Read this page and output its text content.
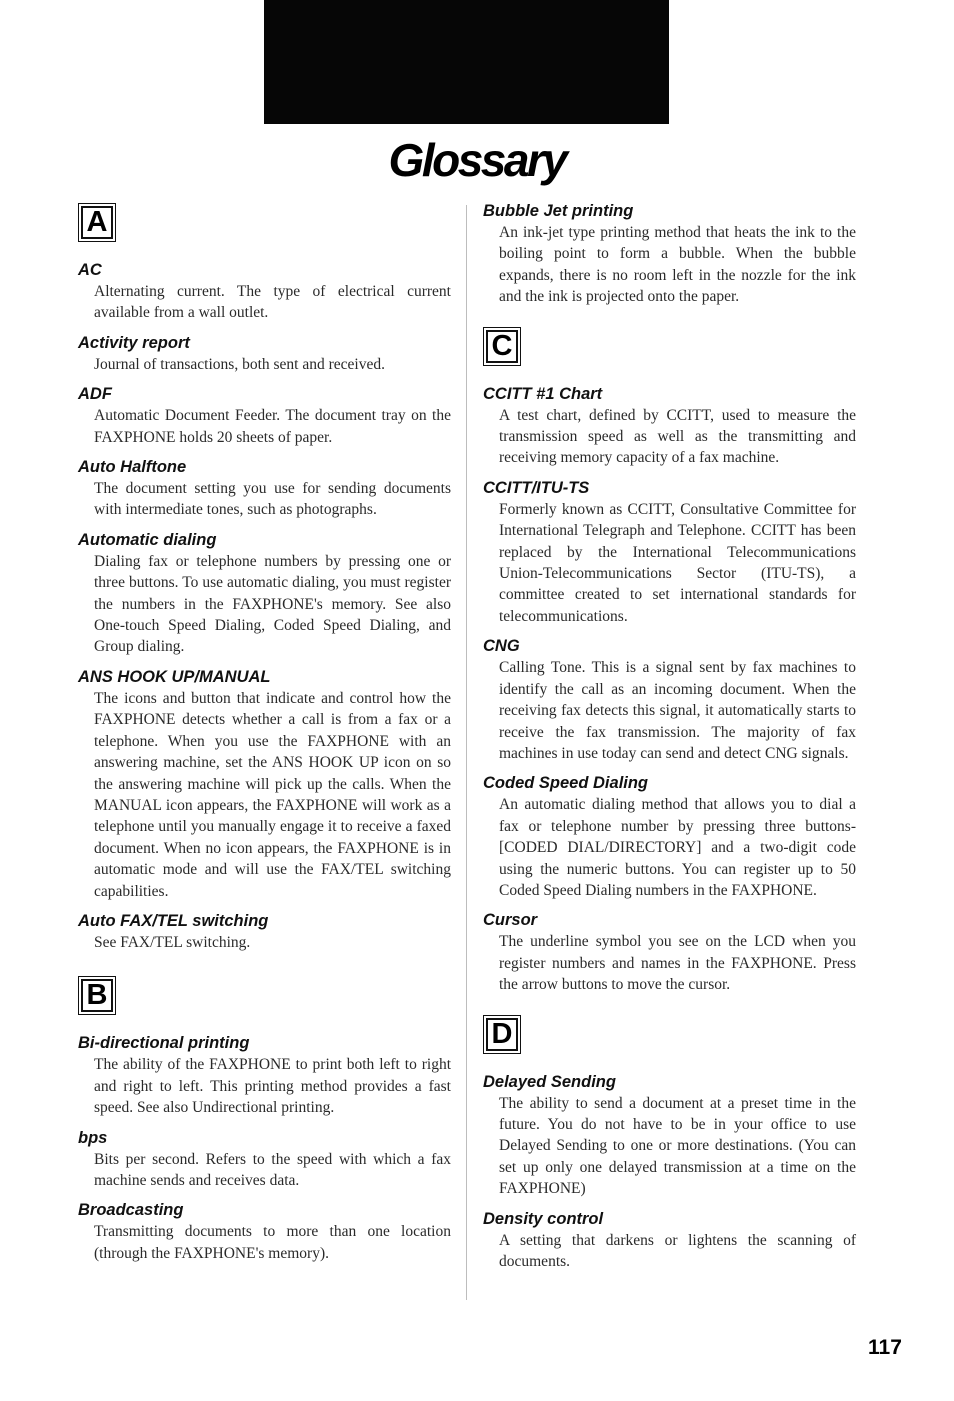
Glossary
A

AC

Alternating current. The type of electrical current available from a wall outlet.

Activity report

Journal of transactions, both sent and received.

ADF

Automatic Document Feeder. The document tray on the FAXPHONE holds 20 sheets of paper.

Auto Halftone

The document setting you use for sending documents with intermediate tones, such as photographs.

Automatic dialing

Dialing fax or telephone numbers by pressing one or three buttons. To use automatic dialing, you must register the numbers in the FAXPHONE's memory. See also One-touch Speed Dialing, Coded Speed Dialing, and Group dialing.

ANS HOOK UP/MANUAL

The icons and button that indicate and control how the FAXPHONE detects whether a call is from a fax or a telephone. When you use the FAXPHONE with an answering machine, set the ANS HOOK UP icon on so the answering machine will pick up the calls. When the MANUAL icon appears, the FAXPHONE will work as a telephone until you manually engage it to receive a faxed document. When no icon appears, the FAXPHONE is in automatic mode and will use the FAX/TEL switching capabilities.

Auto FAX/TEL switching

See FAX/TEL switching.

B

Bi-directional printing

The ability of the FAXPHONE to print both left to right and right to left. This printing method provides a fast speed. See also Undirectional printing.

bps

Bits per second. Refers to the speed with which a fax machine sends and receives data.

Broadcasting

Transmitting documents to more than one location (through the FAXPHONE's memory).

Bubble Jet printing

An ink-jet type printing method that heats the ink to the boiling point to form a bubble. When the bubble expands, there is no room left in the nozzle for the ink and the ink is projected onto the paper.

C

CCITT #1 Chart

A test chart, defined by CCITT, used to measure the transmission speed as well as the transmitting and receiving memory capacity of a fax machine.

CCITT/ITU-TS

Formerly known as CCITT, Consultative Committee for International Telegraph and Telephone. CCITT has been replaced by the International Telecommunications Union-Telecommunications Sector (ITU-TS), a committee created to set international standards for telecommunications.

CNG

Calling Tone. This is a signal sent by fax machines to identify the call as an incoming document. When the receiving fax detects this signal, it automatically starts to receive the fax transmission. The majority of fax machines in use today can send and detect CNG signals.

Coded Speed Dialing

An automatic dialing method that allows you to dial a fax or telephone number by pressing three buttons-[CODED DIAL/DIRECTORY] and a two-digit code using the numeric buttons. You can register up to 50 Coded Speed Dialing numbers in the FAXPHONE.

Cursor

The underline symbol you see on the LCD when you register numbers and names in the FAXPHONE. Press the arrow buttons to move the cursor.

D

Delayed Sending

The ability to send a document at a preset time in the future. You do not have to be in your office to use Delayed Sending to one or more destinations. (You can set up only one delayed transmission at a time on the FAXPHONE)

Density control

A setting that darkens or lightens the scanning of documents.

117
